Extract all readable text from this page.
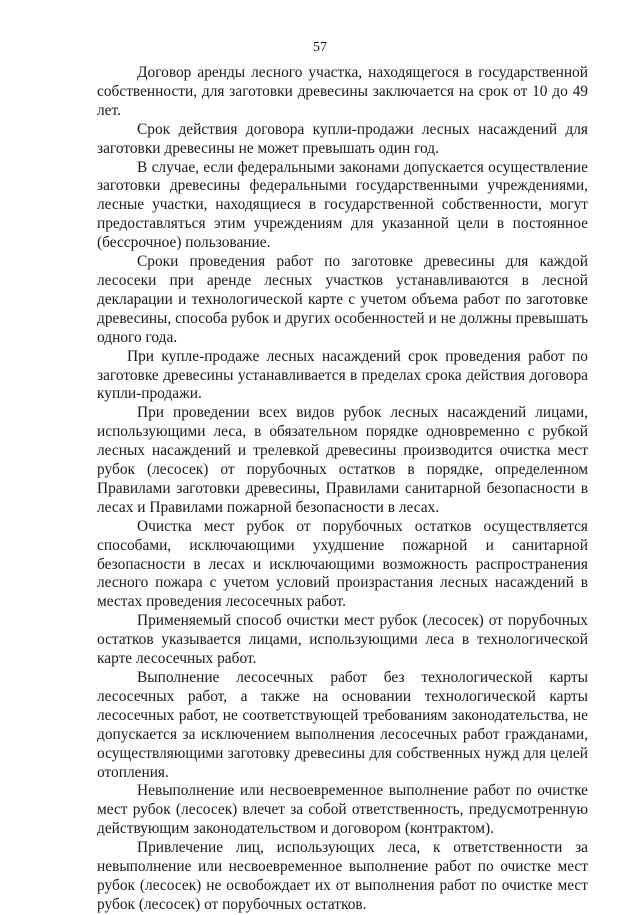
57

Договор аренды лесного участка, находящегося в государственной собственности, для заготовки древесины заключается на срок от 10 до 49 лет.

Срок действия договора купли-продажи лесных насаждений для заготовки древесины не может превышать один год.

В случае, если федеральными законами допускается осуществление заготовки древесины федеральными государственными учреждениями, лесные участки, находящиеся в государственной собственности, могут предоставляться этим учреждениям для указанной цели в постоянное (бессрочное) пользование.

Сроки проведения работ по заготовке древесины для каждой лесосеки при аренде лесных участков устанавливаются в лесной декларации и технологической карте с учетом объема работ по заготовке древесины, способа рубок и других особенностей и не должны превышать одного года.

При купле-продаже лесных насаждений срок проведения работ по заготовке древесины устанавливается в пределах срока действия договора купли-продажи.

При проведении всех видов рубок лесных насаждений лицами, использующими леса, в обязательном порядке одновременно с рубкой лесных насаждений и трелевкой древесины производится очистка мест рубок (лесосек) от порубочных остатков в порядке, определенном Правилами заготовки древесины, Правилами санитарной безопасности в лесах и Правилами пожарной безопасности в лесах.

Очистка мест рубок от порубочных остатков осуществляется способами, исключающими ухудшение пожарной и санитарной безопасности в лесах и исключающими возможность распространения лесного пожара с учетом условий произрастания лесных насаждений в местах проведения лесосечных работ.

Применяемый способ очистки мест рубок (лесосек) от порубочных остатков указывается лицами, использующими леса в технологической карте лесосечных работ.

Выполнение лесосечных работ без технологической карты лесосечных работ, а также на основании технологической карты лесосечных работ, не соответствующей требованиям законодательства, не допускается за исключением выполнения лесосечных работ гражданами, осуществляющими заготовку древесины для собственных нужд для целей отопления.

Невыполнение или несвоевременное выполнение работ по очистке мест рубок (лесосек) влечет за собой ответственность, предусмотренную действующим законодательством и договором (контрактом).

Привлечение лиц, использующих леса, к ответственности за невыполнение или несвоевременное выполнение работ по очистке мест рубок (лесосек) не освобождает их от выполнения работ по очистке мест рубок (лесосек) от порубочных остатков.
